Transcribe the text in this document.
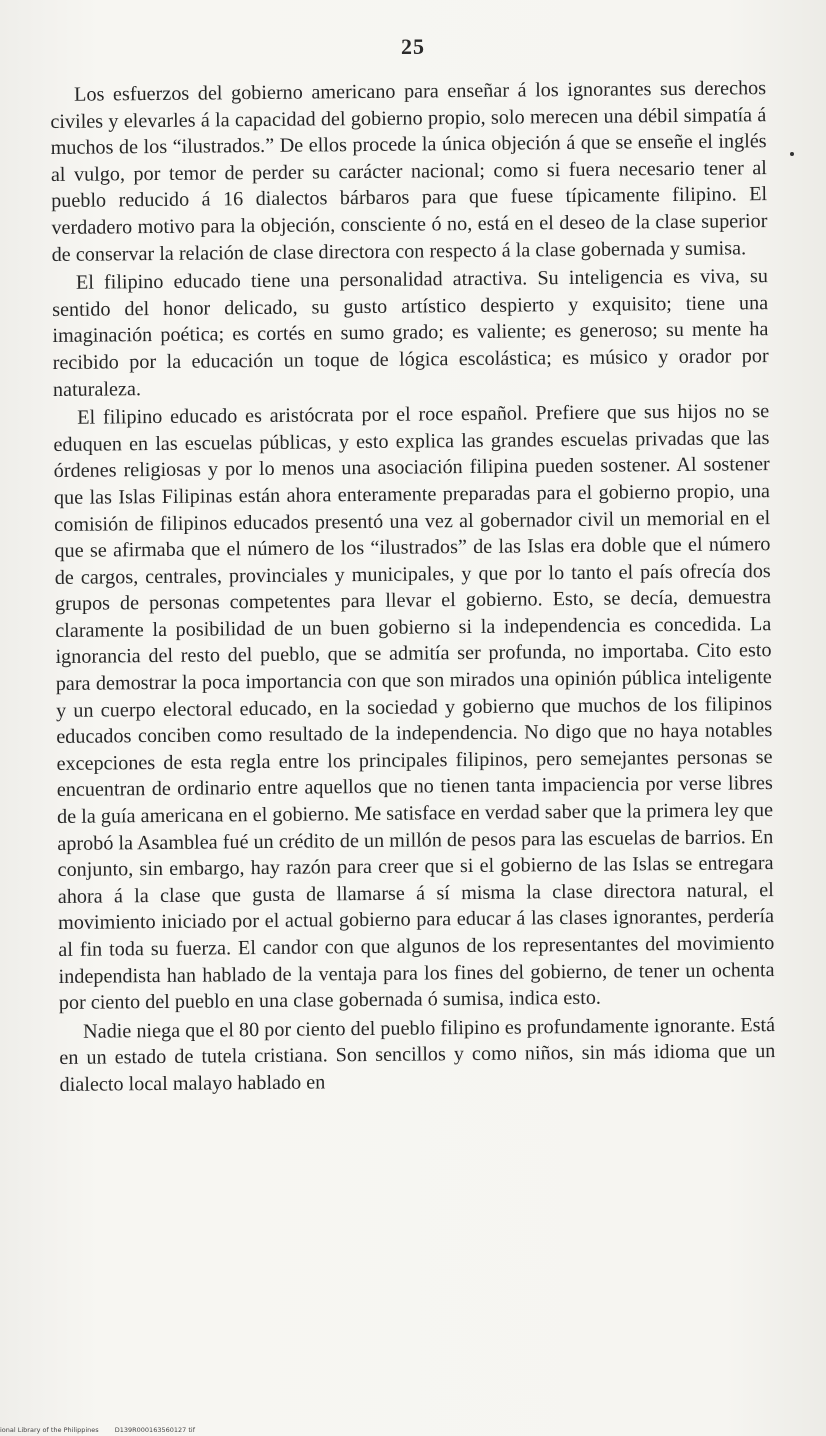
25

Los esfuerzos del gobierno americano para enseñar á los ignorantes sus derechos civiles y elevarles á la capacidad del gobierno propio, solo merecen una débil simpatía á muchos de los “ilustrados.” De ellos procede la única objeción á que se enseñe el inglés al vulgo, por temor de perder su carácter nacional; como si fuera necesario tener al pueblo reducido á 16 dialectos bárbaros para que fuese típicamente filipino. El verdadero motivo para la objeción, consciente ó no, está en el deseo de la clase superior de conservar la relación de clase directora con respecto á la clase gobernada y sumisa.

El filipino educado tiene una personalidad atractiva. Su inteligencia es viva, su sentido del honor delicado, su gusto artístico despierto y exquisito; tiene una imaginación poética; es cortés en sumo grado; es valiente; es generoso; su mente ha recibido por la educación un toque de lógica escolástica; es músico y orador por naturaleza.

El filipino educado es aristócrata por el roce español. Prefiere que sus hijos no se eduquen en las escuelas públicas, y esto explica las grandes escuelas privadas que las órdenes religiosas y por lo menos una asociación filipina pueden sostener. Al sostener que las Islas Filipinas están ahora enteramente preparadas para el gobierno propio, una comisión de filipinos educados presentó una vez al gobernador civil un memorial en el que se afirmaba que el número de los “ilustrados” de las Islas era doble que el número de cargos, centrales, provinciales y municipales, y que por lo tanto el país ofrecía dos grupos de personas competentes para llevar el gobierno. Esto, se decía, demuestra claramente la posibilidad de un buen gobierno si la independencia es concedida. La ignorancia del resto del pueblo, que se admitía ser profunda, no importaba. Cito esto para demostrar la poca importancia con que son mirados una opinión pública inteligente y un cuerpo electoral educado, en la sociedad y gobierno que muchos de los filipinos educados conciben como resultado de la independencia. No digo que no haya notables excepciones de esta regla entre los principales filipinos, pero semejantes personas se encuentran de ordinario entre aquellos que no tienen tanta impaciencia por verse libres de la guía americana en el gobierno. Me satisface en verdad saber que la primera ley que aprobó la Asamblea fué un crédito de un millón de pesos para las escuelas de barrios. En conjunto, sin embargo, hay razón para creer que si el gobierno de las Islas se entregara ahora á la clase que gusta de llamarse á sí misma la clase directora natural, el movimiento iniciado por el actual gobierno para educar á las clases ignorantes, perdería al fin toda su fuerza. El candor con que algunos de los representantes del movimiento independista han hablado de la ventaja para los fines del gobierno, de tener un ochenta por ciento del pueblo en una clase gobernada ó sumisa, indica esto.

Nadie niega que el 80 por ciento del pueblo filipino es profundamente ignorante. Está en un estado de tutela cristiana. Son sencillos y como niños, sin más idioma que un dialecto local malayo hablado en

ional Library of the Philippines D139R000163560127 tif
